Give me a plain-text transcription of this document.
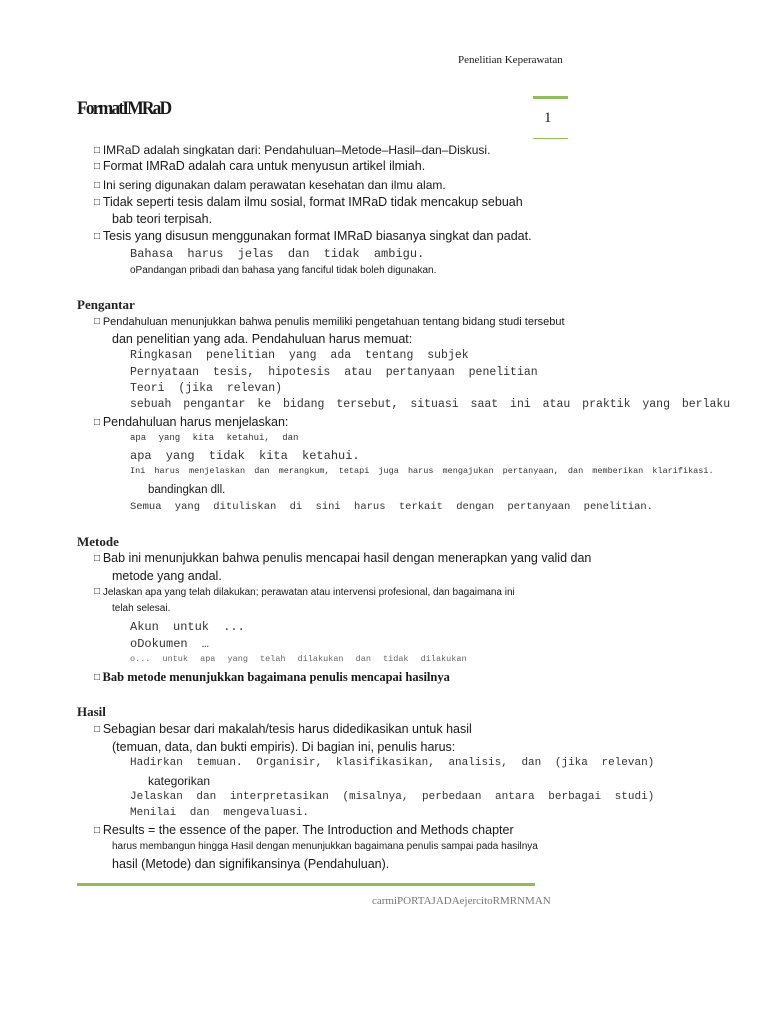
Penelitian Keperawatan
1
FormatIMRaD
□ IMRaD adalah singkatan dari: Pendahuluan–Metode–Hasil–dan–Diskusi.
□ Format IMRaD adalah cara untuk menyusun artikel ilmiah.
□ Ini sering digunakan dalam perawatan kesehatan dan ilmu alam.
□ Tidak seperti tesis dalam ilmu sosial, format IMRaD tidak mencakup sebuah
bab teori terpisah.
□ Tesis yang disusun menggunakan format IMRaD biasanya singkat dan padat.
Bahasa harus jelas dan tidak ambigu.
oPandangan pribadi dan bahasa yang fanciful tidak boleh digunakan.
Pengantar
□ Pendahuluan menunjukkan bahwa penulis memiliki pengetahuan tentang bidang studi tersebut
dan penelitian yang ada. Pendahuluan harus memuat:
Ringkasan penelitian yang ada tentang subjek
Pernyataan tesis, hipotesis atau pertanyaan penelitian
Teori (jika relevan)
sebuah pengantar ke bidang tersebut, situasi saat ini atau praktik yang berlaku
□ Pendahuluan harus menjelaskan:
apa yang kita ketahui, dan
apa yang tidak kita ketahui.
Ini harus menjelaskan dan merangkum, tetapi juga harus mengajukan pertanyaan, dan memberikan klarifikasi.
bandingkan dll.
Semua yang dituliskan di sini harus terkait dengan pertanyaan penelitian.
Metode
□ Bab ini menunjukkan bahwa penulis mencapai hasil dengan menerapkan yang valid dan
metode yang andal.
□ Jelaskan apa yang telah dilakukan; perawatan atau intervensi profesional, dan bagaimana ini
telah selesai.
Akun untuk ...
oDokumen …
o... untuk apa yang telah dilakukan dan tidak dilakukan
□ Bab metode menunjukkan bagaimana penulis mencapai hasilnya
Hasil
□ Sebagian besar dari makalah/tesis harus didedikasikan untuk hasil
(temuan, data, dan bukti empiris). Di bagian ini, penulis harus:
Hadirkan temuan. Organisir, klasifikasikan, analisis, dan (jika relevan)
kategorikan
Jelaskan dan interpretasikan (misalnya, perbedaan antara berbagai studi)
Menilai dan mengevaluasi.
□ Results = the essence of the paper. The Introduction and Methods chapter
harus membangun hingga Hasil dengan menunjukkan bagaimana penulis sampai pada hasilnya
hasil (Metode) dan signifikansinya (Pendahuluan).
carmiPORTAJADAejercitoRMRNMAN
